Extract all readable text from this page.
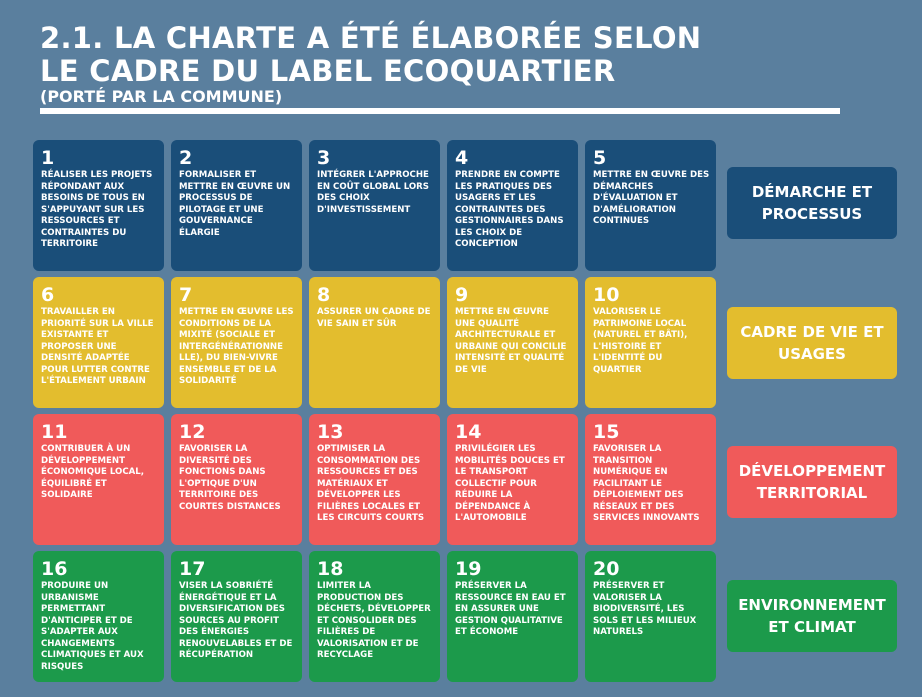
2.1. LA CHARTE A ÉTÉ ÉLABORÉE SELON
LE CADRE DU LABEL ECOQUARTIER
(PORTÉ PAR LA COMMUNE)
1
RÉALISER LES PROJETS RÉPONDANT AUX BESOINS DE TOUS EN S'APPUYANT SUR LES RESSOURCES ET CONTRAINTES DU TERRITOIRE
2
FORMALISER ET METTRE EN ŒUVRE UN PROCESSUS DE PILOTAGE ET UNE GOUVERNANCE ÉLARGIE
3
INTÉGRER L'APPROCHE EN COÛT GLOBAL LORS DES CHOIX D'INVESTISSEMENT
4
PRENDRE EN COMPTE LES PRATIQUES DES USAGERS ET LES CONTRAINTES DES GESTIONNAIRES DANS LES CHOIX DE CONCEPTION
5
METTRE EN ŒUVRE DES DÉMARCHES D'ÉVALUATION ET D'AMÉLIORATION CONTINUES
6
TRAVAILLER EN PRIORITÉ SUR LA VILLE EXISTANTE ET PROPOSER UNE DENSITÉ ADAPTÉE POUR LUTTER CONTRE L'ÉTALEMENT URBAIN
7
METTRE EN ŒUVRE LES CONDITIONS DE LA MIXITÉ (SOCIALE ET INTERGÉNÉRATIONNE LLE), DU BIEN-VIVRE ENSEMBLE ET DE LA SOLIDARITÉ
8
ASSURER UN CADRE DE VIE SAIN ET SÛR
9
METTRE EN ŒUVRE UNE QUALITÉ ARCHITECTURALE ET URBAINE QUI CONCILIE INTENSITÉ ET QUALITÉ DE VIE
10
VALORISER LE PATRIMOINE LOCAL (NATUREL ET BÂTI), L'HISTOIRE ET L'IDENTITÉ DU QUARTIER
11
CONTRIBUER À UN DÉVELOPPEMENT ÉCONOMIQUE LOCAL, ÉQUILIBRÉ ET SOLIDAIRE
12
FAVORISER LA DIVERSITÉ DES FONCTIONS DANS L'OPTIQUE D'UN TERRITOIRE DES COURTES DISTANCES
13
OPTIMISER LA CONSOMMATION DES RESSOURCES ET DES MATÉRIAUX ET DÉVELOPPER LES FILIÈRES LOCALES ET LES CIRCUITS COURTS
14
PRIVILÉGIER LES MOBILITÉS DOUCES ET LE TRANSPORT COLLECTIF POUR RÉDUIRE LA DÉPENDANCE À L'AUTOMOBILE
15
FAVORISER LA TRANSITION NUMÉRIQUE EN FACILITANT LE DÉPLOIEMENT DES RÉSEAUX ET DES SERVICES INNOVANTS
16
PRODUIRE UN URBANISME PERMETTANT D'ANTICIPER ET DE S'ADAPTER AUX CHANGEMENTS CLIMATIQUES ET AUX RISQUES
17
VISER LA SOBRIÉTÉ ÉNERGÉTIQUE ET LA DIVERSIFICATION DES SOURCES AU PROFIT DES ÉNERGIES RENOUVELABLES ET DE RÉCUPÉRATION
18
LIMITER LA PRODUCTION DES DÉCHETS, DÉVELOPPER ET CONSOLIDER DES FILIÈRES DE VALORISATION ET DE RECYCLAGE
19
PRÉSERVER LA RESSOURCE EN EAU ET EN ASSURER UNE GESTION QUALITATIVE ET ÉCONOME
20
PRÉSERVER ET VALORISER LA BIODIVERSITÉ, LES SOLS ET LES MILIEUX NATURELS
DÉMARCHE ET PROCESSUS
CADRE DE VIE ET USAGES
DÉVELOPPEMENT TERRITORIAL
ENVIRONNEMENT ET CLIMAT
